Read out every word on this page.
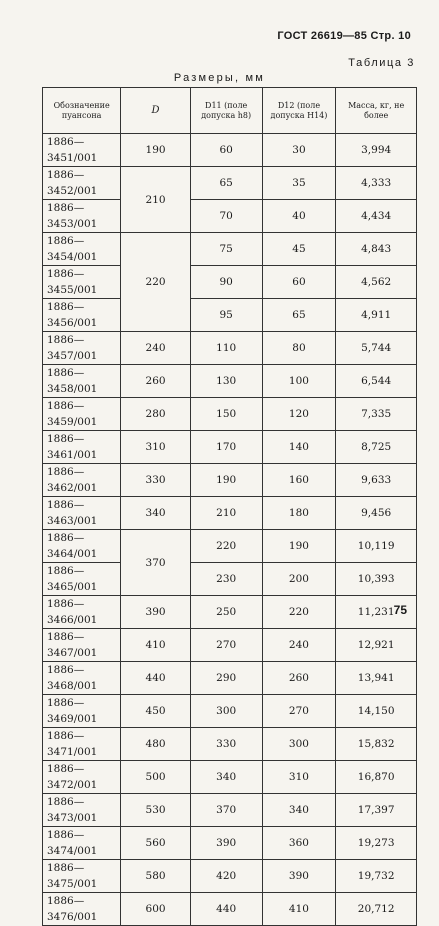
ГОСТ 26619—85 Стр. 10
Таблица 3
Размеры, мм
Обозначение пуансона	D	D11 (поле допуска h8)	D12 (поле допуска H14)	Масса, кг, не более
1886—3451/001	190	60	30	3,994
1886—3452/001	210	65	35	4,333
1886—3453/001		70	40	4,434
1886—3454/001	220	75	45	4,843
1886—3455/001		90	60	4,562
1886—3456/001		95	65	4,911
1886—3457/001	240	110	80	5,744
1886—3458/001	260	130	100	6,544
1886—3459/001	280	150	120	7,335
1886—3461/001	310	170	140	8,725
1886—3462/001	330	190	160	9,633
1886—3463/001	340	210	180	9,456
1886—3464/001	370	220	190	10,119
1886—3465/001		230	200	10,393
1886—3466/001	390	250	220	11,231
1886—3467/001	410	270	240	12,921
1886—3468/001	440	290	260	13,941
1886—3469/001	450	300	270	14,150
1886—3471/001	480	330	300	15,832
1886—3472/001	500	340	310	16,870
1886—3473/001	530	370	340	17,397
1886—3474/001	560	390	360	19,273
1886—3475/001	580	420	390	19,732
1886—3476/001	600	440	410	20,712
75
